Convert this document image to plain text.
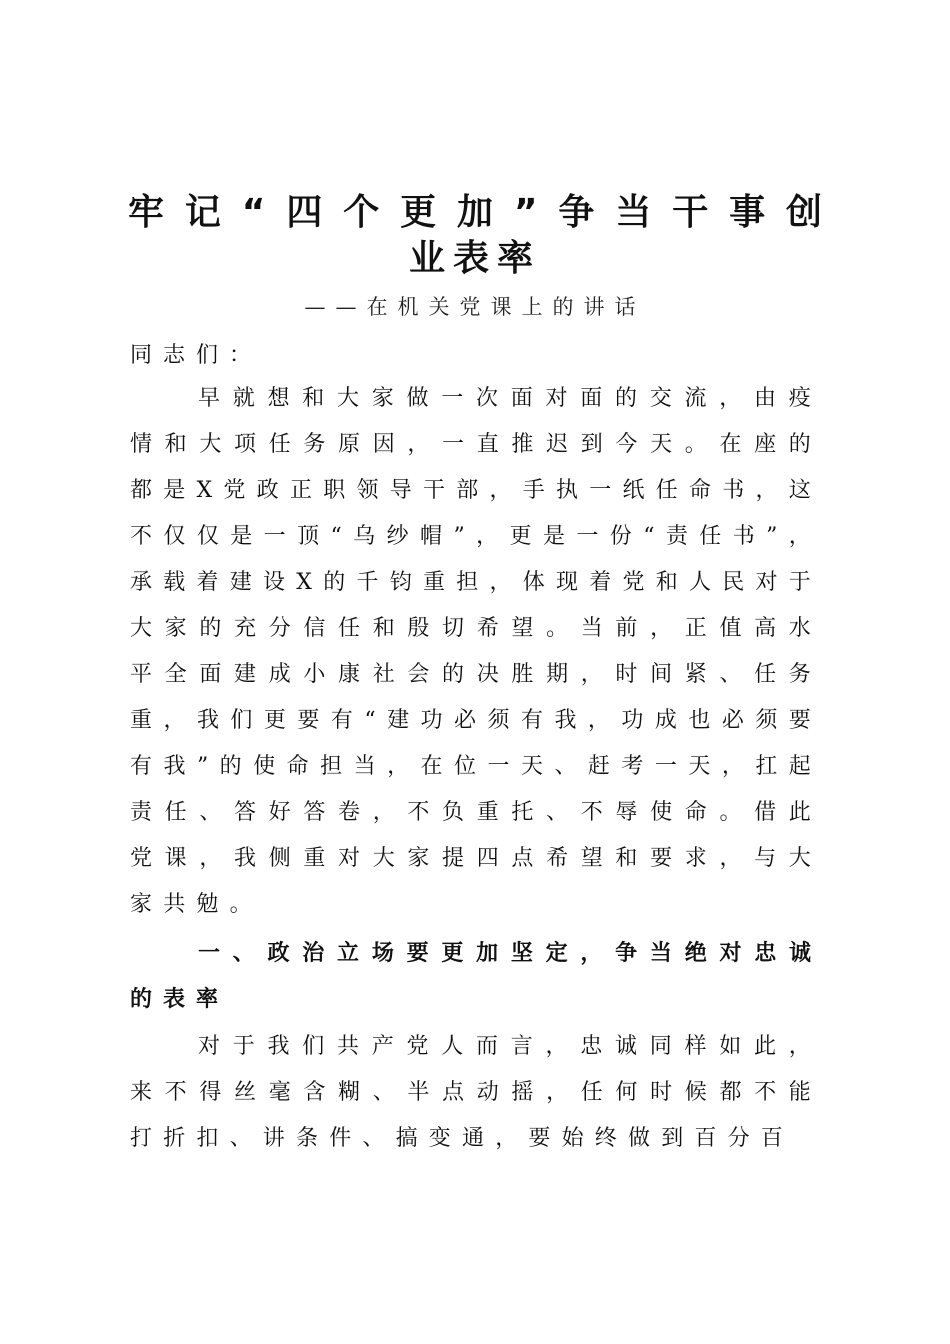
牢记“四个更加”争当干事创
业表率
——在机关党课上的讲话
同志们：
早就想和大家做一次面对面的交流，由疫情和大项任务原因，一直推迟到今天。在座的都是X党政正职领导干部，手执一纸任命书，这不仅仅是一顶“乌纱帽”，更是一份“责任书”，承载着建设X的千钧重担，体现着党和人民对于大家的充分信任和殷切希望。当前，正值高水平全面建成小康社会的决胜期，时间紧、任务重，我们更要有“建功必须有我，功成也必须要有我”的使命担当，在位一天、赶考一天，扛起责任、答好答卷，不负重托、不辱使命。借此党课，我侧重对大家提四点希望和要求，与大家共勉。
一、政治立场要更加坚定，争当绝对忠诚的表率
对于我们共产党人而言，忠诚同样如此，来不得丝毫含糊、半点动摇，任何时候都不能打折扣、讲条件、搞变通，要始终做到百分百
